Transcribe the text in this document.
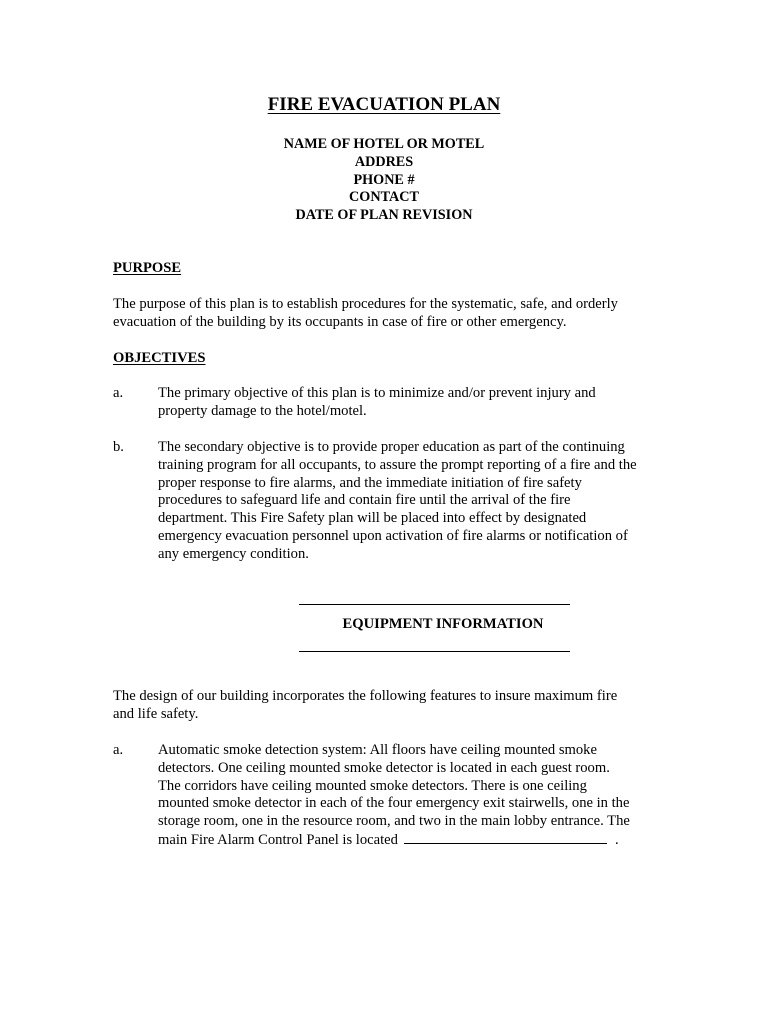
FIRE EVACUATION PLAN
NAME OF HOTEL OR MOTEL
ADDRES
PHONE #
CONTACT
DATE OF PLAN REVISION
PURPOSE
The purpose of this plan is to establish procedures for the systematic, safe, and orderly
evacuation of the building by its occupants in case of fire or other emergency.
OBJECTIVES
a. The primary objective of this plan is to minimize and/or prevent injury and
property damage to the hotel/motel.
b. The secondary objective is to provide proper education as part of the continuing
training program for all occupants, to assure the prompt reporting of a fire and the
proper response to fire alarms, and the immediate initiation of fire safety
procedures to safeguard life and contain fire until the arrival of the fire
department. This Fire Safety plan will be placed into effect by designated
emergency evacuation personnel upon activation of fire alarms or notification of
any emergency condition.
EQUIPMENT INFORMATION
The design of our building incorporates the following features to insure maximum fire
and life safety.
a. Automatic smoke detection system: All floors have ceiling mounted smoke
detectors. One ceiling mounted smoke detector is located in each guest room.
The corridors have ceiling mounted smoke detectors. There is one ceiling
mounted smoke detector in each of the four emergency exit stairwells, one in the
storage room, one in the resource room, and two in the main lobby entrance. The
main Fire Alarm Control Panel is located	.
